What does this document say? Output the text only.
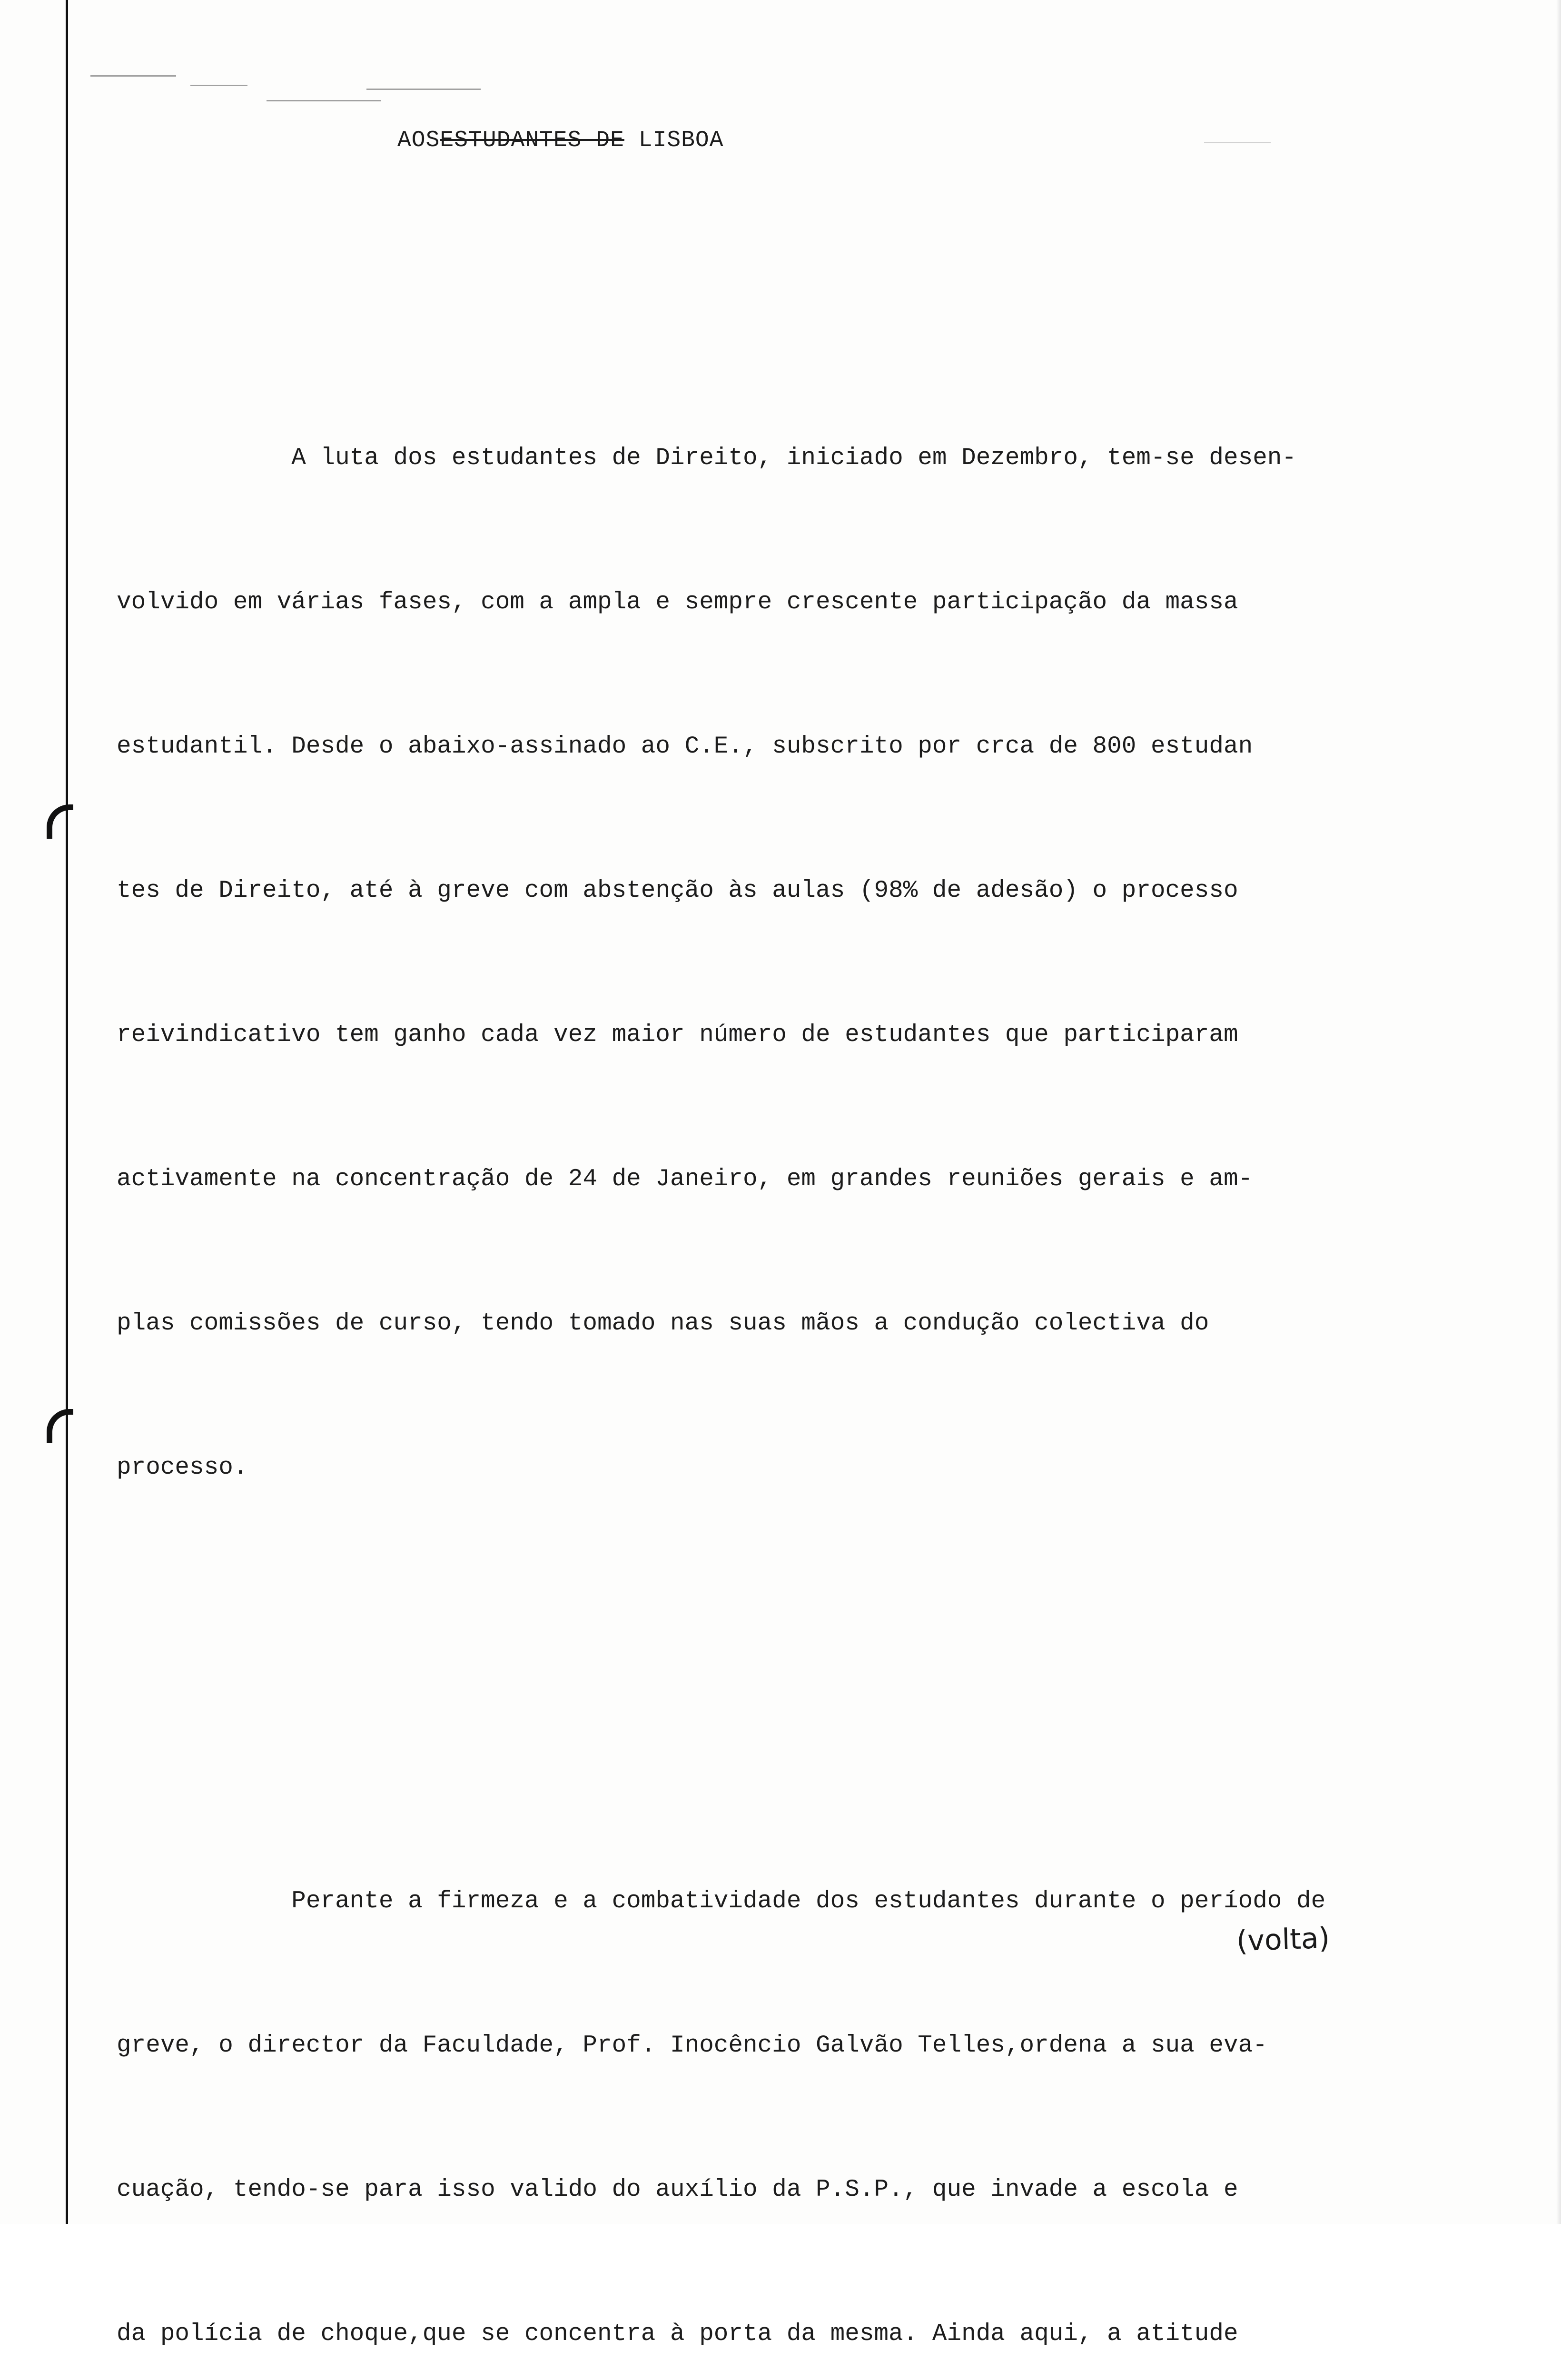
AOSESTUDANTES DE LISBOA

A luta dos estudantes de Direito, iniciado em Dezembro, tem-se desen-

volvido em várias fases, com a ampla e sempre crescente participação da massa

estudantil. Desde o abaixo-assinado ao C.E., subscrito por crca de 800 estudan

tes de Direito, até à greve com abstenção às aulas (98% de adesão) o processo

reivindicativo tem ganho cada vez maior número de estudantes que participaram

activamente na concentração de 24 de Janeiro, em grandes reuniões gerais e am-

plas comissões de curso, tendo tomado nas suas mãos a condução colectiva do

processo.

Perante a firmeza e a combatividade dos estudantes durante o período de

greve, o director da Faculdade, Prof. Inocêncio Galvão Telles,ordena a sua eva-

cuação, tendo-se para isso valido do auxílio da P.S.P., que invade a escola e

da polícia de choque,que se concentra à porta da mesma. Ainda aqui, a atitude

(volta)
